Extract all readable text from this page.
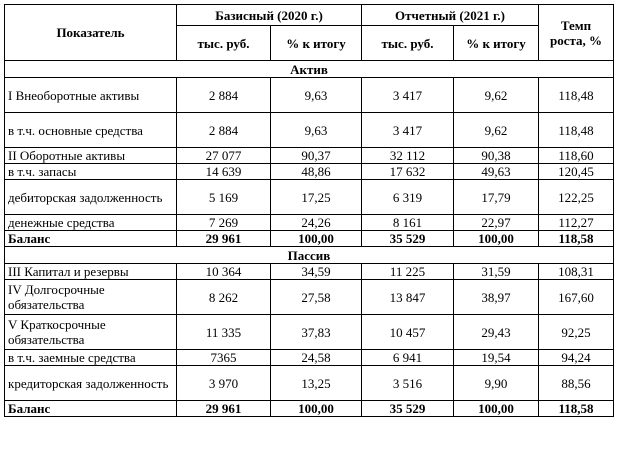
Показатель	Базисный (2020 г.)		Отчетный (2021 г.)		Темп роста, %
	тыс. руб.	% к итогу	тыс. руб.	% к итогу	
Актив					
I Внеоборотные активы	2 884	9,63	3 417	9,62	118,48
в т.ч. основные средства	2 884	9,63	3 417	9,62	118,48
II Оборотные активы	27 077	90,37	32 112	90,38	118,60
в т.ч. запасы	14 639	48,86	17 632	49,63	120,45
дебиторская задолженность	5 169	17,25	6 319	17,79	122,25
денежные средства	7 269	24,26	8 161	22,97	112,27
Баланс	29 961	100,00	35 529	100,00	118,58
Пассив					
III Капитал и резервы	10 364	34,59	11 225	31,59	108,31
IV Долгосрочные обязательства	8 262	27,58	13 847	38,97	167,60
V Краткосрочные обязательства	11 335	37,83	10 457	29,43	92,25
в т.ч. заемные средства	7365	24,58	6 941	19,54	94,24
кредиторская задолженность	3 970	13,25	3 516	9,90	88,56
Баланс	29 961	100,00	35 529	100,00	118,58
